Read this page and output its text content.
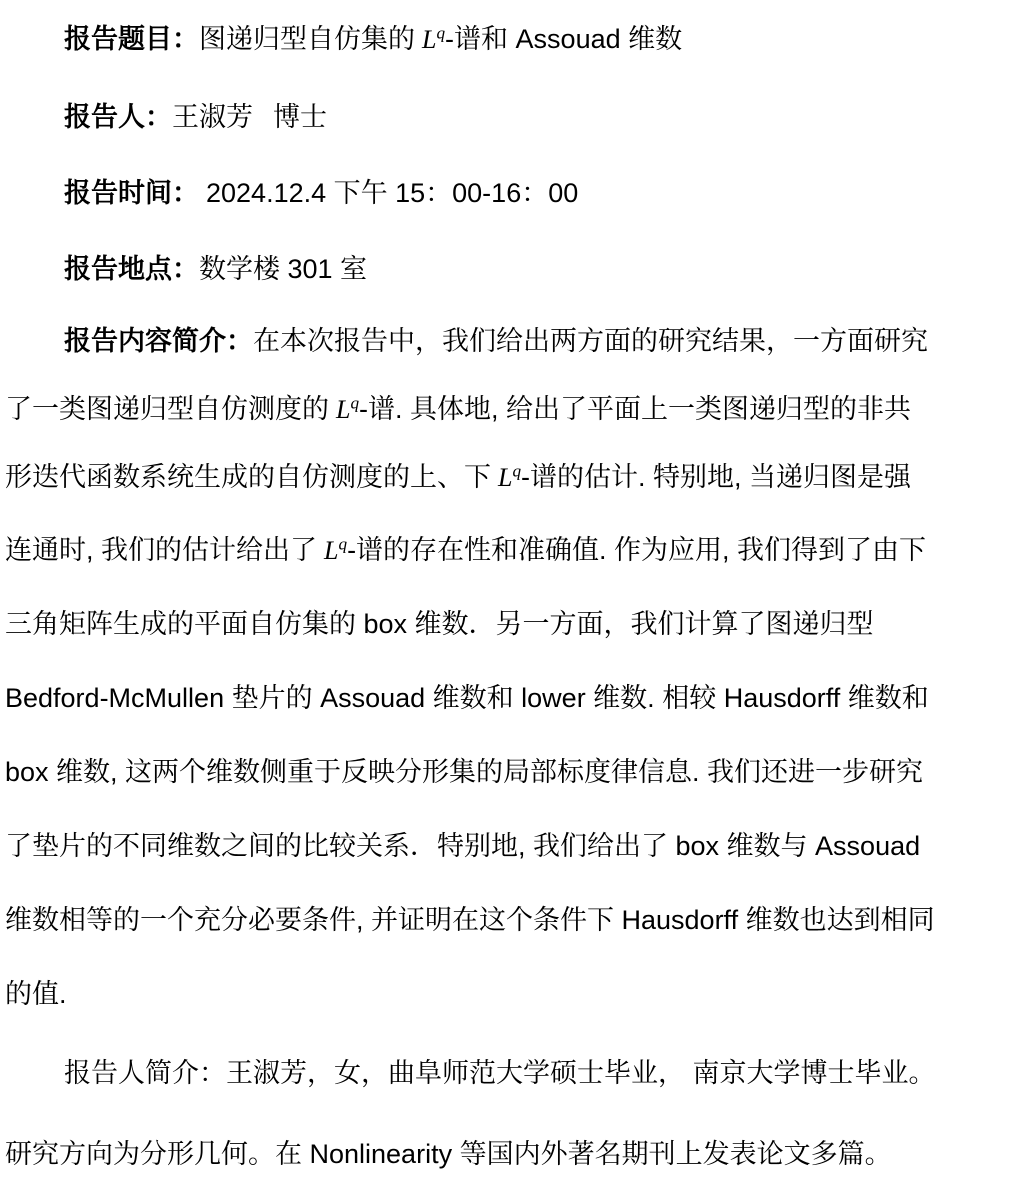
报告题目：图递归型自仿集的 $L^q-$谱和 Assouad 维数
报告人：王淑芳 博士
报告时间： 2024.12.4 下午 15：00-16：00
报告地点：数学楼 301 室
报告内容简介：在本次报告中，我们给出两方面的研究结果，一方面研究
了一类图递归型自仿测度的 $L^q-$谱. 具体地, 给出了平面上一类图递归型的非共
形迭代函数系统生成的自仿测度的上、下 $L^q-$谱的估计. 特别地, 当递归图是强
连通时, 我们的估计给出了 $L^q-$谱的存在性和准确值. 作为应用, 我们得到了由下
三角矩阵生成的平面自仿集的 box 维数．另一方面，我们计算了图递归型
Bedford-McMullen 垫片的 Assouad 维数和 lower 维数. 相较 Hausdorff 维数和
box 维数, 这两个维数侧重于反映分形集的局部标度律信息. 我们还进一步研究
了垫片的不同维数之间的比较关系．特别地, 我们给出了 box 维数与 Assouad
维数相等的一个充分必要条件, 并证明在这个条件下 Hausdorff 维数也达到相同
的值.
报告人简介：王淑芳，女，曲阜师范大学硕士毕业， 南京大学博士毕业。
研究方向为分形几何。在 Nonlinearity 等国内外著名期刊上发表论文多篇。
